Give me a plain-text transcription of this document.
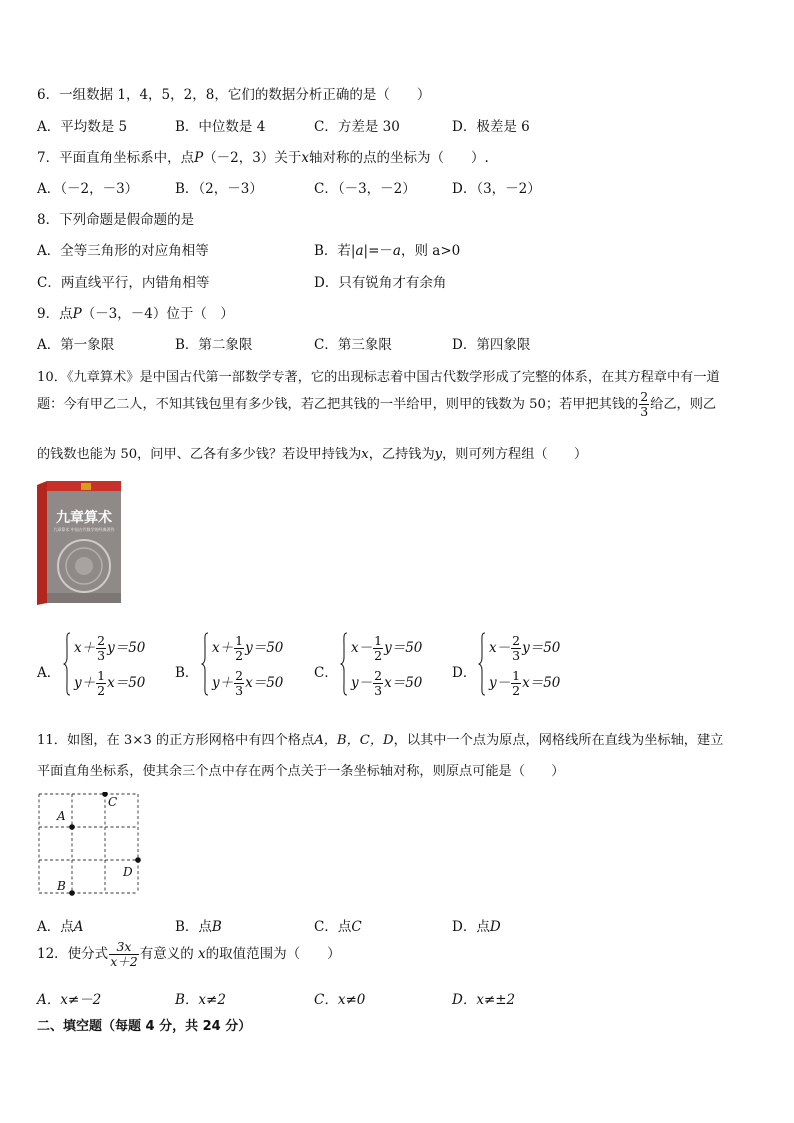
6．一组数据 1，4，5，2，8，它们的数据分析正确的是（　　）
A．平均数是 5	B．中位数是 4	C．方差是 30	D．极差是 6
7．平面直角坐标系中，点P（－2，3）关于x轴对称的点的坐标为（　　）.
A．（－2，－3）	B．（2，－3）	C．（－3，－2）	D．（3，－2）
8．下列命题是假命题的是
A．全等三角形的对应角相等	B．若|a|=－a，则 a>0
C．两直线平行，内错角相等	D．只有锐角才有余角
9．点P（－3，－4）位于（　）
A．第一象限	B．第二象限	C．第三象限	D．第四象限
10．《九章算术》是中国古代第一部数学专著，它的出现标志着中国古代数学形成了完整的体系，在其方程章中有一道
题：今有甲乙二人，不知其钱包里有多少钱，若乙把其钱的一半给甲，则甲的钱数为 50；若甲把其钱的 $\frac{2}{3}$ 给乙，则乙
的钱数也能为 50，问甲、乙各有多少钱？若设甲持钱为x，乙持钱为y，则可列方程组（　　）
九章算术
九章算术 中国古代数学的经典著作
A．
$x+ \frac{2}{3} y=50$
$y+ \frac{1}{2} x=50$
B．
$x+ \frac{1}{2} y=50$
$y+ \frac{2}{3} x=50$
C．
$x- \frac{1}{2} y=50$
$y- \frac{2}{3} x=50$
D．
$x- \frac{2}{3} y=50$
$y- \frac{1}{2} x=50$
11．如图，在 3×3 的正方形网格中有四个格点A，B，C，D，以其中一个点为原点，网格线所在直线为坐标轴，建立
平面直角坐标系，使其余三个点中存在两个点关于一条坐标轴对称，则原点可能是（　　）
A
B
C
D
A．点A	B．点B	C．点C	D．点D
12．使分式 $\frac{3x}{x+2}$ 有意义的 x的取值范围为（　　）
A．x≠－2	B．x≠2	C．x≠0	D．x≠±2
二、填空题（每题 4 分，共 24 分）
